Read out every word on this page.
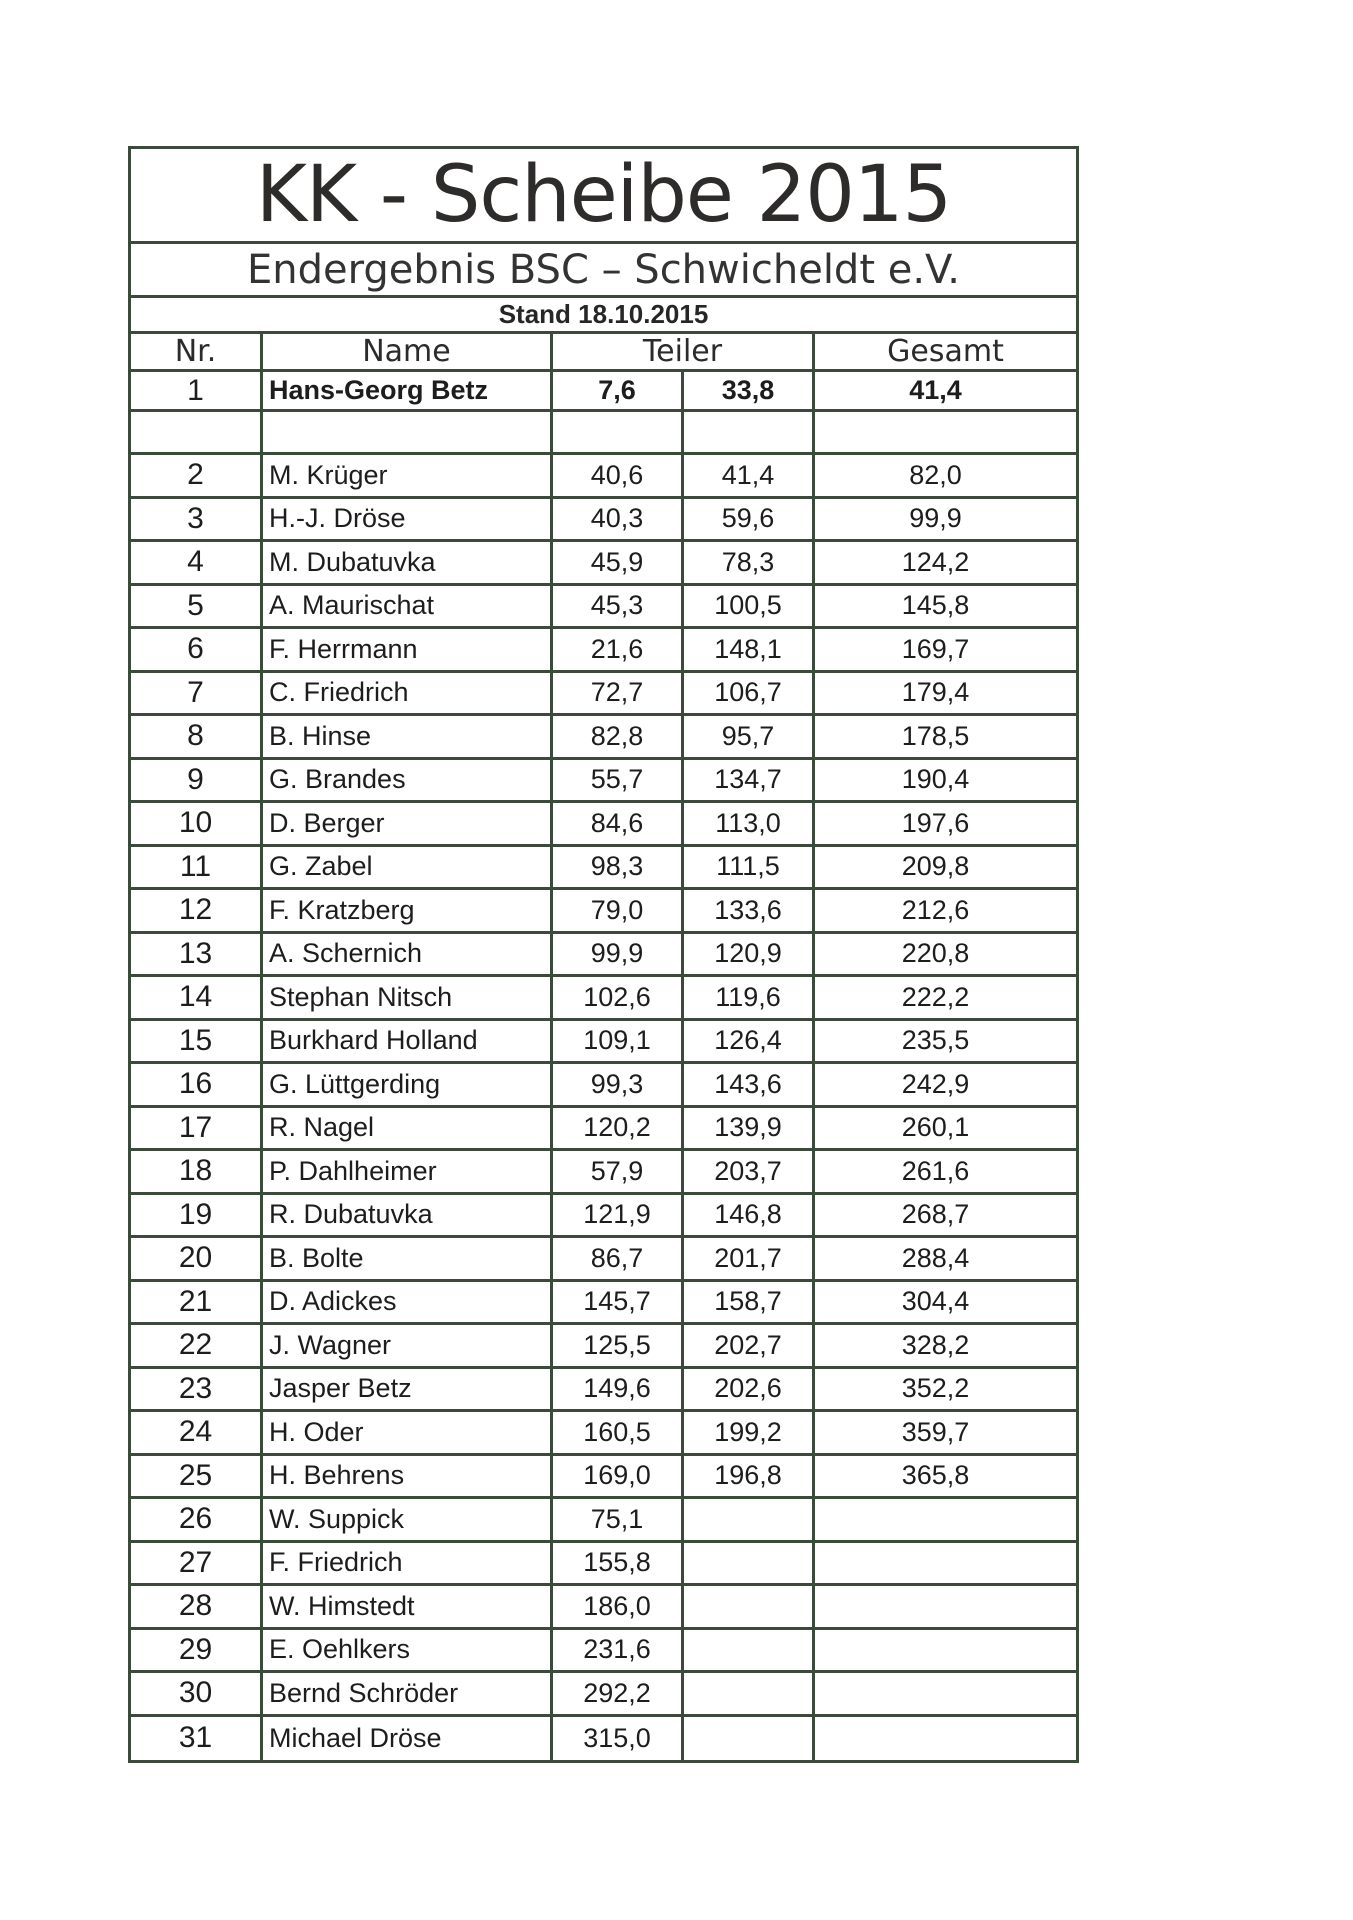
KK - Scheibe 2015
Endergebnis BSC – Schwicheldt e.V.
Stand 18.10.2015
Nr.	Name	Teiler	Gesamt
1	Hans-Georg Betz	7,6	33,8	41,4
2	M. Krüger	40,6	41,4	82,0
3	H.-J. Dröse	40,3	59,6	99,9
4	M. Dubatuvka	45,9	78,3	124,2
5	A. Maurischat	45,3	100,5	145,8
6	F. Herrmann	21,6	148,1	169,7
7	C. Friedrich	72,7	106,7	179,4
8	B. Hinse	82,8	95,7	178,5
9	G. Brandes	55,7	134,7	190,4
10	D. Berger	84,6	113,0	197,6
11	G. Zabel	98,3	111,5	209,8
12	F. Kratzberg	79,0	133,6	212,6
13	A. Schernich	99,9	120,9	220,8
14	Stephan Nitsch	102,6	119,6	222,2
15	Burkhard Holland	109,1	126,4	235,5
16	G. Lüttgerding	99,3	143,6	242,9
17	R. Nagel	120,2	139,9	260,1
18	P. Dahlheimer	57,9	203,7	261,6
19	R. Dubatuvka	121,9	146,8	268,7
20	B. Bolte	86,7	201,7	288,4
21	D. Adickes	145,7	158,7	304,4
22	J. Wagner	125,5	202,7	328,2
23	Jasper Betz	149,6	202,6	352,2
24	H. Oder	160,5	199,2	359,7
25	H. Behrens	169,0	196,8	365,8
26	W. Suppick	75,1
27	F. Friedrich	155,8
28	W. Himstedt	186,0
29	E. Oehlkers	231,6
30	Bernd Schröder	292,2
31	Michael Dröse	315,0
